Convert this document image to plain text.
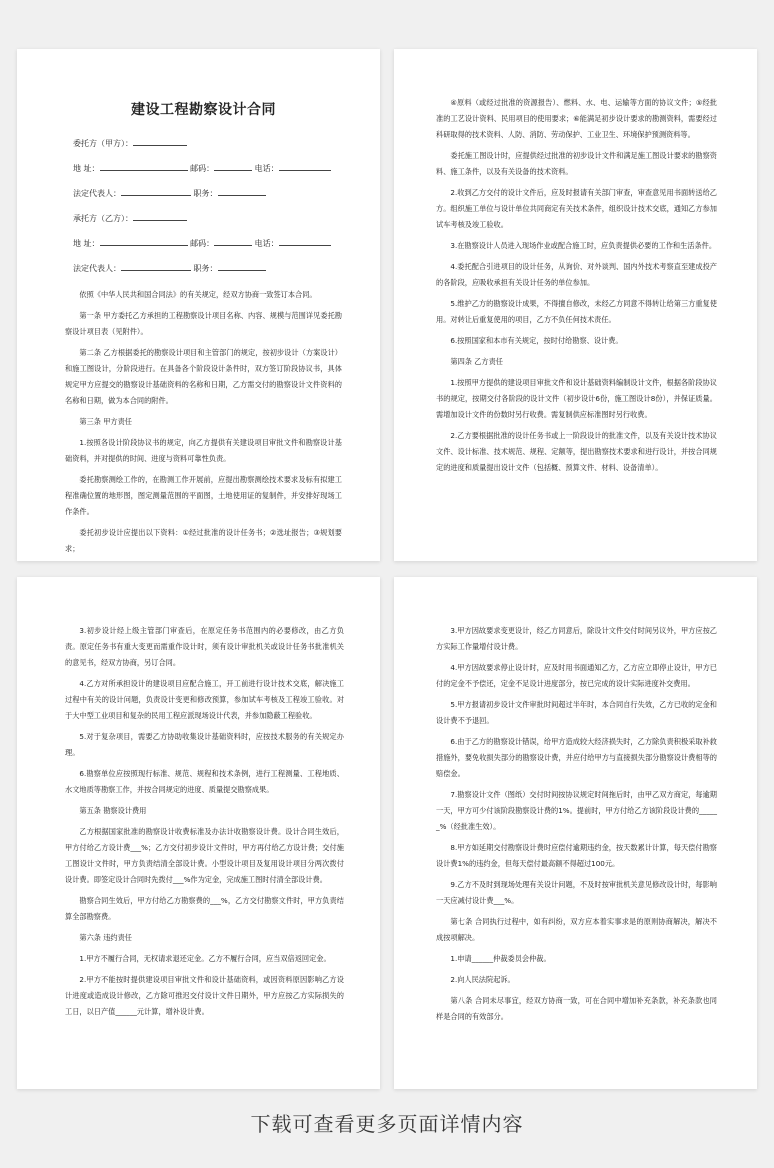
建设工程勘察设计合同
委托方（甲方）：
地 址：	邮码：	电话：
法定代表人：	职务：
承托方（乙方）：
地 址：	邮码：	电话：
法定代表人：	职务：

依照《中华人民共和国合同法》的有关规定，经双方协商一致签订本合同。

第一条 甲方委托乙方承担的工程勘察设计项目名称、内容、规模与范围详见委托勘察设计项目表（见附件）。

第二条 乙方根据委托的勘察设计项目和主管部门的规定，按初步设计（方案设计）和施工图设计，分阶段进行。在具备各个阶段设计条件时，双方签订阶段协议书，具体规定甲方应提交的勘察设计基础资料的名称和日期，乙方需交付的勘察设计文件资料的名称和日期，做为本合同的附件。

第三条 甲方责任

1.按照各设计阶段协议书的规定，向乙方提供有关建设项目审批文件和勘察设计基础资料，并对提供的时间、进度与资料可靠性负责。

委托勘察测绘工作的，在勘测工作开展前，应提出勘察测绘技术要求及标有拟建工程准确位置的地形图，图定测量范围的平面图，土地使用证的复制件，并安排好现场工作条件。

委托初步设计应提出以下资料：①经过批准的设计任务书；②选址报告；③规划要求；

④原料（或经过批准的资源报告）、燃料、水、电、运输等方面的协议文件；⑤经批准的工艺设计资料、民用项目的使用要求；⑥能满足初步设计要求的勘测资料，需要经过科研取得的技术资料、人防、消防、劳动保护、工业卫生、环境保护预测资料等。

委托施工图设计时，应提供经过批准的初步设计文件和满足施工图设计要求的勘察资料、施工条件，以及有关设备的技术资料。

2.收到乙方交付的设计文件后，应及时报请有关部门审查，审查意见用书面转送给乙方。组织施工单位与设计单位共同商定有关技术条件，组织设计技术交底，通知乙方参加试车考核及竣工验收。

3.在勘察设计人员进入现场作业或配合施工时，应负责提供必要的工作和生活条件。

4.委托配合引进项目的设计任务，从询价、对外谈判、国内外技术考察直至建成投产的各阶段，应吸收承担有关设计任务的单位参加。

5.维护乙方的勘察设计成果，不得擅自修改，未经乙方同意不得转让给第三方重复使用。对转让后重复使用的项目，乙方不负任何技术责任。

6.按照国家和本市有关规定，按时付给勘察、设计费。

第四条 乙方责任

1.按照甲方提供的建设项目审批文件和设计基础资料编制设计文件，根据各阶段协议书的规定，按期交付各阶段的设计文件（初步设计6份，施工图设计8份），并保证质量。需增加设计文件的份数时另行收费。需复制供应标准图时另行收费。

2.乙方要根据批准的设计任务书或上一阶段设计的批准文件，以及有关设计技术协议文件、设计标准、技术规范、规程、定额等，提出勘察技术要求和进行设计，并按合同规定的进度和质量提出设计文件（包括概、预算文件、材料、设备清单）。

3.初步设计经上级主管部门审查后，在原定任务书范围内的必要修改，由乙方负责。原定任务书有重大变更而需重作设计时，须有设计审批机关或设计任务书批准机关的意见书，经双方协商，另订合同。

4.乙方对所承担设计的建设项目应配合施工，开工前进行设计技术交底，解决施工过程中有关的设计问题，负责设计变更和修改预算，参加试车考核及工程竣工验收。对于大中型工业项目和复杂的民用工程应派现场设计代表，并参加隐蔽工程验收。

5.对于复杂项目，需要乙方协助收集设计基础资料时，应按技术服务的有关规定办理。

6.勘察单位应按照现行标准、规范、规程和技术条例，进行工程测量、工程地质、水文地质等勘察工作，并按合同规定的进度、质量提交勘察成果。

第五条 勘察设计费用

乙方根据国家批准的勘察设计收费标准及办法计收勘察设计费。设计合同生效后，甲方付给乙方设计费___%；乙方交付初步设计文件时，甲方再付给乙方设计费；交付施工图设计文件时，甲方负责结清全部设计费。小型设计项目及复用设计项目分两次拨付设计费。即签定设计合同时先拨付___%作为定金，完成施工图时付清全部设计费。

勘察合同生效后，甲方付给乙方勘察费的___%，乙方交付勘察文件时，甲方负责结算全部勘察费。

第六条 违约责任

1.甲方不履行合同，无权请求退还定金。乙方不履行合同，应当双倍返回定金。

2.甲方不能按时提供建设项目审批文件和设计基础资料，或因资料原因影响乙方设计进度或造成设计修改，乙方除可推迟交付设计文件日期外，甲方应按乙方实际损失的工日，以日产值______元计算，增补设计费。

3.甲方因故要求变更设计，经乙方同意后，除设计文件交付时间另议外，甲方应按乙方实际工作量增付设计费。

4.甲方因故要求停止设计时，应及时用书面通知乙方，乙方应立即停止设计，甲方已付的定金不予偿还，定金不足设计进度部分，按已完成的设计实际进度补交费用。

5.甲方报请初步设计文件审批时间超过半年时，本合同自行失效，乙方已收的定金和设计费不予退回。

6.由于乙方的勘察设计错误，给甲方造成较大经济损失时，乙方除负责积极采取补救措施外，要免收损失部分的勘察设计费，并应付给甲方与直接损失部分勘察设计费相等的赔偿金。

7.勘察设计文件（图纸）交付时间按协议规定时间拖后时，由甲乙双方商定，每逾期一天，甲方可少付该阶段勘察设计费的1%。提前时，甲方付给乙方该阶段设计费的______%（经批准生效）。

8.甲方如延期交付勘察设计费时应偿付逾期违约金，按天数累计计算，每天偿付勘察设计费1%的违约金，但每天偿付最高额不得超过100元。

9.乙方不及时到现场处理有关设计问题，不及时按审批机关意见修改设计时，每影响一天应减付设计费___%。

第七条 合同执行过程中，如有纠纷，双方应本着实事求是的原则协商解决，解决不成按项解决。

1.申请______仲裁委员会仲裁。

2.向人民法院起诉。

第八条 合同未尽事宜，经双方协商一致，可在合同中增加补充条款，补充条款也同样是合同的有效部分。

下载可查看更多页面详情内容
